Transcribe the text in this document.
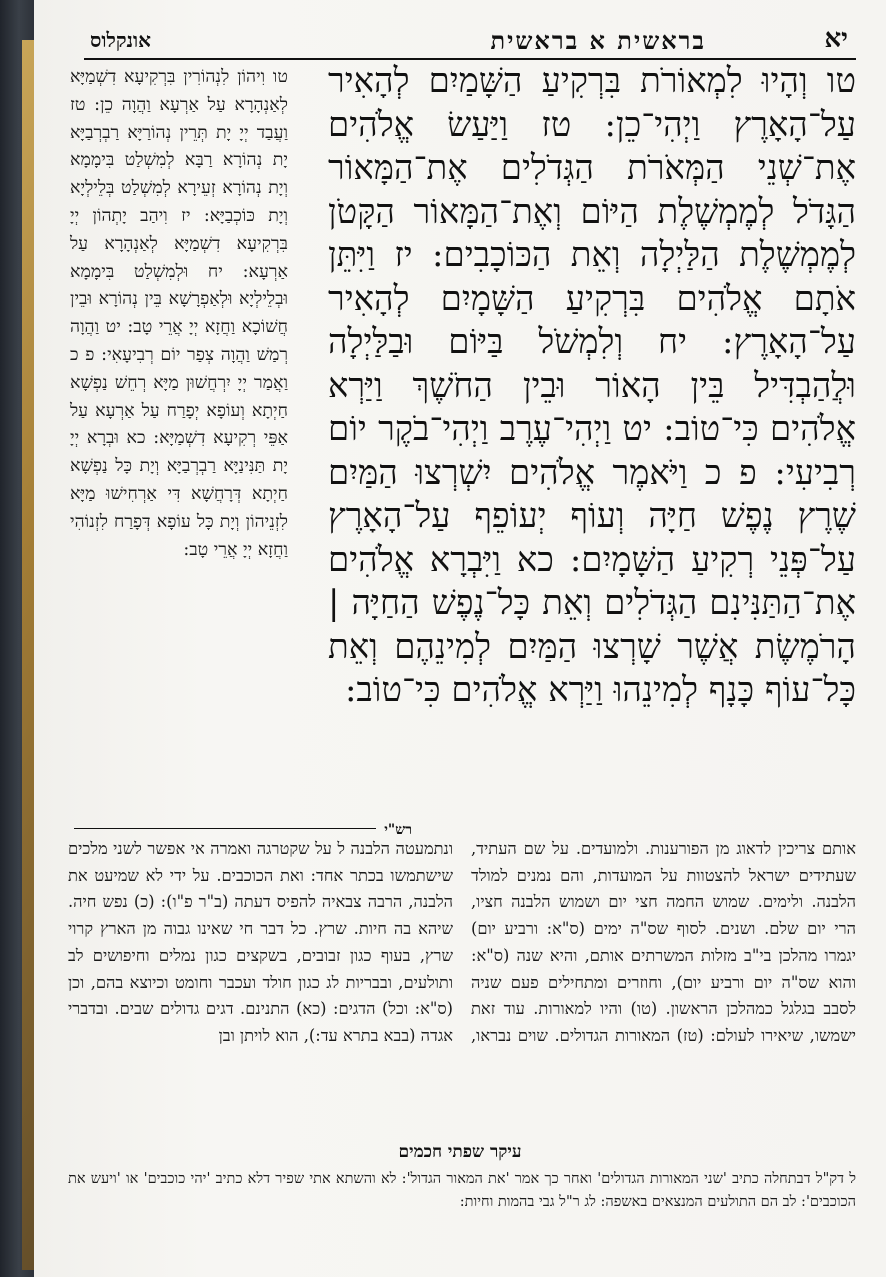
יא
בראשית א בראשית
אונקלוס

טו וְהָיוּ לִמְאוֹרֹת בִּרְקִיעַ הַשָּׁמַיִם לְהָאִיר עַל־הָאָרֶץ וַיְהִי־כֵן: טז וַיַּעַשׂ אֱלֹהִים אֶת־שְׁנֵי הַמְּאֹרֹת הַגְּדֹלִים אֶת־הַמָּאוֹר הַגָּדֹל לְמֶמְשֶׁלֶת הַיּוֹם וְאֶת־הַמָּאוֹר הַקָּטֹן לְמֶמְשֶׁלֶת הַלַּיְלָה וְאֵת הַכּוֹכָבִים: יז וַיִּתֵּן אֹתָם אֱלֹהִים בִּרְקִיעַ הַשָּׁמָיִם לְהָאִיר עַל־הָאָרֶץ: יח וְלִמְשֹׁל בַּיּוֹם וּבַלַּיְלָה וּלֲהַבְדִּיל בֵּין הָאוֹר וּבֵין הַחֹשֶׁךְ וַיַּרְא אֱלֹהִים כִּי־טוֹב: יט וַיְהִי־עֶרֶב וַיְהִי־בֹקֶר יוֹם רְבִיעִי: פ כ וַיֹּאמֶר אֱלֹהִים יִשְׁרְצוּ הַמַּיִם שֶׁרֶץ נֶפֶשׁ חַיָּה וְעוֹף יְעוֹפֵף עַל־הָאָרֶץ עַל־פְּנֵי רְקִיעַ הַשָּׁמָיִם: כא וַיִּבְרָא אֱלֹהִים אֶת־הַתַּנִּינִם הַגְּדֹלִים וְאֵת כָּל־נֶפֶשׁ הַחַיָּה | הָרֹמֶשֶׂת אֲשֶׁר שָׁרְצוּ הַמַּיִם לְמִינֵהֶם וְאֵת כָּל־עוֹף כָּנָף לְמִינֵהוּ וַיַּרְא אֱלֹהִים כִּי־טוֹב:

טו וִיהוֹן לִנְהוֹרִין בִּרְקִיעָא דִשְׁמַיָּא לְאַנְהָרָא עַל אַרְעָא וַהֲוָה כֵן: טז וַעֲבַד יְיָ יָת תְּרֵין נְהוֹרַיָּא רַבְרְבַיָּא יָת נְהוֹרָא רַבָּא לְמִשְׁלַט בִּימָמָא וְיָת נְהוֹרָא זְעֵירָא לְמִשְׁלַט בְּלֵילְיָא וְיָת כּוֹכְבַיָּא: יז וִיהַב יָתְהוֹן יְיָ בִּרְקִיעָא דִשְׁמַיָּא לְאַנְהָרָא עַל אַרְעָא: יח וּלְמִשְׁלַט בִּימָמָא וּבְלֵילְיָא וּלְאַפְרָשָׁא בֵּין נְהוֹרָא וּבֵין חֲשׁוֹכָא וַחֲזָא יְיָ אֲרֵי טָב: יט וַהֲוָה רְמַשׁ וַהֲוָה צְפַר יוֹם רְבִיעָאִי: פ כ וַאֲמַר יְיָ יִרְחֲשׁוּן מַיָּא רְחֵשׁ נַפְשָׁא חַיְתָא וְעוֹפָא יְפָרַח עַל אַרְעָא עַל אַפֵּי רְקִיעָא דִשְׁמַיָּא: כא וּבְרָא יְיָ יָת תַּנִּינַיָּא רַבְרְבַיָּא וְיָת כָּל נַפְשָׁא חַיְתָא דְּרָחֲשָׁא דִּי אַרְחִישׁוּ מַיָּא לִזְנֵיהוֹן וְיָת כָּל עוֹפָא דְּפָרַח לִזְנוֹהִי וַחֲזָא יְיָ אֲרֵי טָב:

רש"י

אותם צריכין לדאוג מן הפורענות. ולמועדים. על שם העתיד, שעתידים ישראל להצטוות על המועדות, והם נמנים למולד הלבנה. ולימים. שמוש החמה חצי יום ושמוש הלבנה חציו, הרי יום שלם. ושנים. לסוף שס"ה ימים (ס"א: ורביע יום) יגמרו מהלכן בי"ב מזלות המשרתים אותם, והיא שנה (ס"א: והוא שס"ה יום ורביע יום), וחוזרים ומתחילים פעם שניה לסבב בגלגל כמהלכן הראשון. (טו) והיו למאורות. עוד זאת ישמשו, שיאירו לעולם: (טז) המאורות הגדולים. שוים נבראו, ונתמעטה הלבנה ל על שקטרגה ואמרה אי אפשר לשני מלכים שישתמשו בכתר אחד: ואת הכוכבים. על ידי לא שמיעט את הלבנה, הרבה צבאיה להפיס דעתה (ב"ר פ"ו): (כ) נפש חיה. שיהא בה חיות. שרץ. כל דבר חי שאינו גבוה מן הארץ קרוי שרץ, בעוף כגון זבובים, בשקצים כגון נמלים וחיפושים לב ותולעים, ובבריות לג כגון חולד ועכבר וחומט וכיוצא בהם, וכן (ס"א: וכל) הדגים: (כא) התנינם. דגים גדולים שבים. ובדברי אגדה (בבא בתרא עד:), הוא לויתן ובן

עיקר שפתי חכמים

ל דק"ל דבתחלה כתיב 'שני המאורות הגדולים' ואחר כך אמר 'את המאור הגדול': לא והשתא אתי שפיר דלא כתיב 'יהי כוכבים' או 'ויעש את הכוכבים': לב הם התולעים המנצאים באשפה: לג ר"ל גבי בהמות וחיות:
